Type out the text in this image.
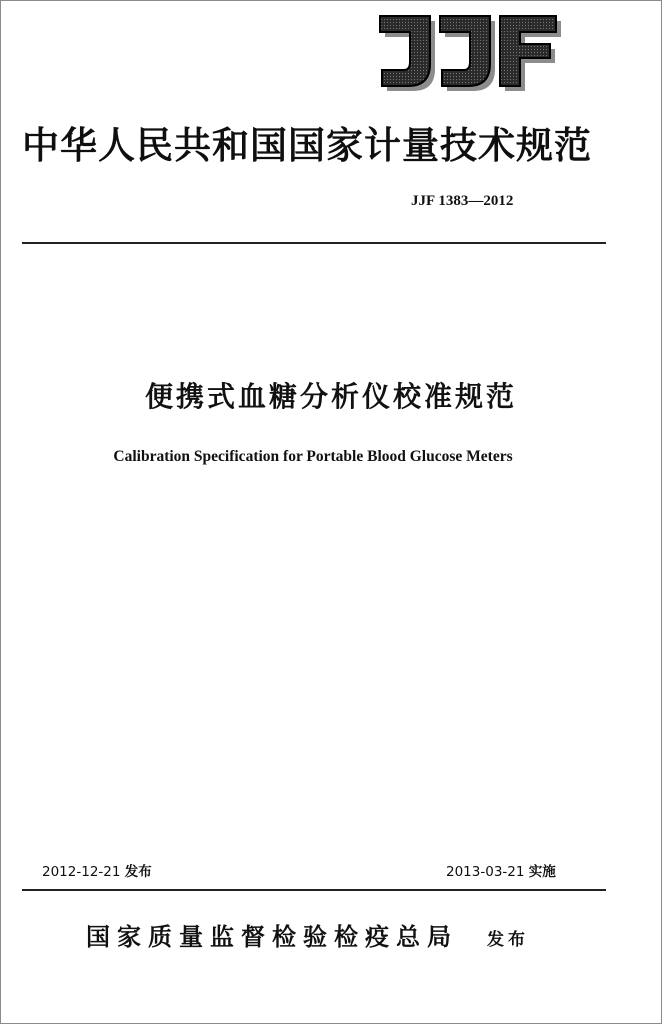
中华人民共和国国家计量技术规范
JJF 1383—2012
便携式血糖分析仪校准规范
Calibration Specification for Portable Blood Glucose Meters
2012-12-21 发布	2013-03-21 实施
国家质量监督检验检疫总局 发布
